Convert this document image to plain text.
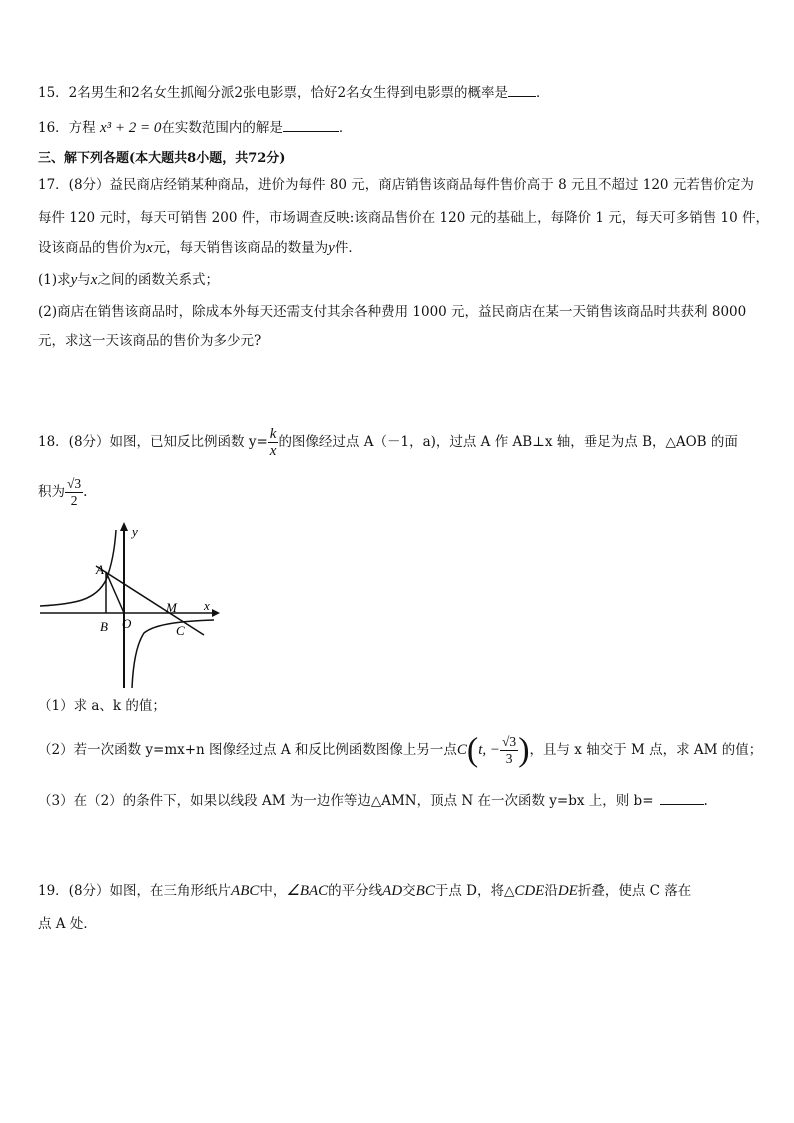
15．2名男生和2名女生抓阄分派2张电影票，恰好2名女生得到电影票的概率是 ．
16．方程 x³ + 2 = 0在实数范围内的解是	．
三、解下列各题(本大题共8小题，共72分)
17．(8分）益民商店经销某种商品，进价为每件 80 元，商店销售该商品每件售价高于 8 元且不超过 120 元若售价定为
每件 120 元时，每天可销售 200 件，市场调查反映:该商品售价在 120 元的基础上，每降价 1 元，每天可多销售 10 件，
设该商品的售价为x元，每天销售该商品的数量为y件．
(1)求y与x之间的函数关系式；
(2)商店在销售该商品时，除成本外每天还需支付其余各种费用 1000 元，益民商店在某一天销售该商品时共获利 8000
元，求这一天该商品的售价为多少元?
18．(8分）如图，已知反比例函数 $y= \frac{k}{x}$ 的图像经过点 A（－1，a)，过点 A 作 AB⊥x 轴，垂足为点 B，△AOB 的面
积为 $\frac{√3}{2}$ .
y
x
A
B O
M
C
（1）求 a、k 的值；
（2）若一次函数 y=mx+n 图像经过点 A 和反比例函数图像上另一点C(t, − $\frac{√3}{3}$ )，且与 x 轴交于 M 点，求 AM 的值；
（3）在（2）的条件下，如果以线段 AM 为一边作等边△AMN，顶点 N 在一次函数 y=bx 上，则 b=	.
19．(8分）如图，在三角形纸片ABC中，∠BAC的平分线AD交BC于点 D，将△CDE沿DE折叠，使点 C 落在
点 A 处．
